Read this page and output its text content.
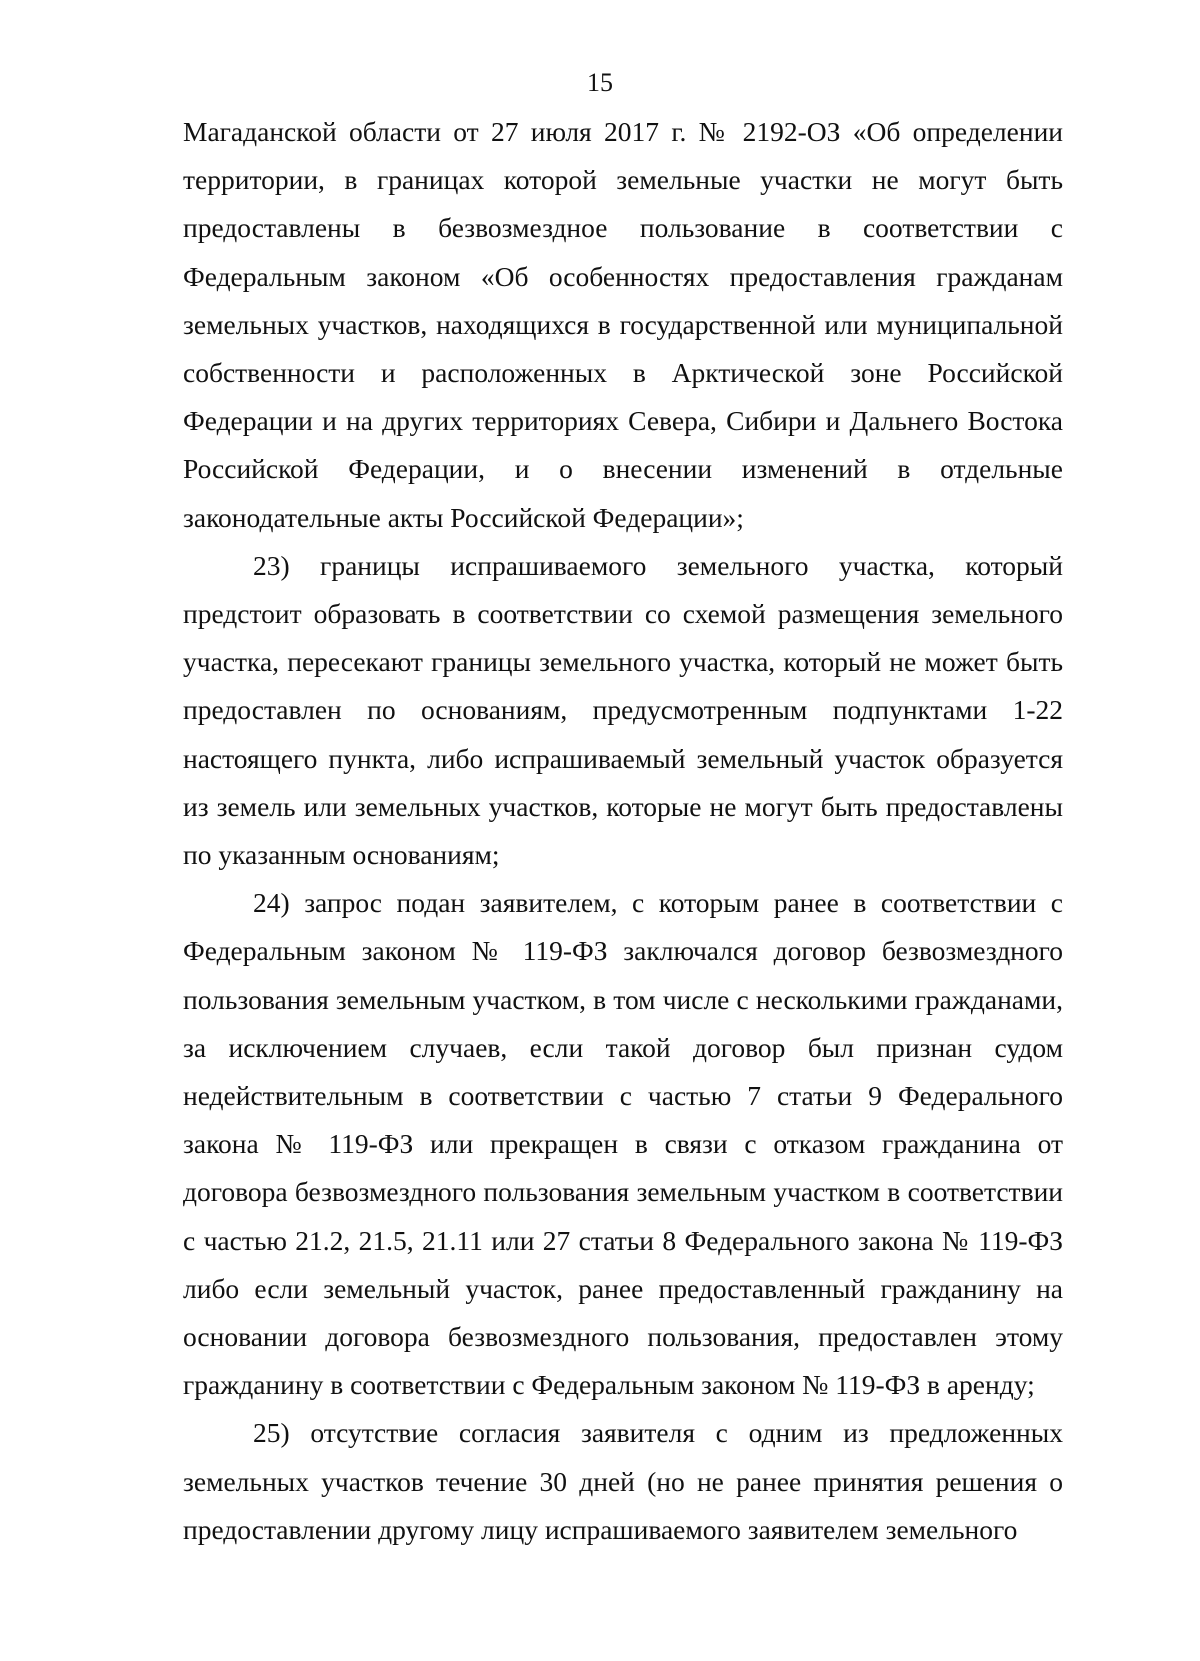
15

Магаданской области от 27 июля 2017 г. № 2192-ОЗ «Об определении территории, в границах которой земельные участки не могут быть предоставлены в безвозмездное пользование в соответствии с Федеральным законом «Об особенностях предоставления гражданам земельных участков, находящихся в государственной или муниципальной собственности и расположенных в Арктической зоне Российской Федерации и на других территориях Севера, Сибири и Дальнего Востока Российской Федерации, и о внесении изменений в отдельные законодательные акты Российской Федерации»;

23) границы испрашиваемого земельного участка, который предстоит образовать в соответствии со схемой размещения земельного участка, пересекают границы земельного участка, который не может быть предоставлен по основаниям, предусмотренным подпунктами 1-22 настоящего пункта, либо испрашиваемый земельный участок образуется из земель или земельных участков, которые не могут быть предоставлены по указанным основаниям;

24) запрос подан заявителем, с которым ранее в соответствии с Федеральным законом № 119-ФЗ заключался договор безвозмездного пользования земельным участком, в том числе с несколькими гражданами, за исключением случаев, если такой договор был признан судом недействительным в соответствии с частью 7 статьи 9 Федерального закона № 119-ФЗ или прекращен в связи с отказом гражданина от договора безвозмездного пользования земельным участком в соответствии с частью 21.2, 21.5, 21.11 или 27 статьи 8 Федерального закона № 119-ФЗ либо если земельный участок, ранее предоставленный гражданину на основании договора безвозмездного пользования, предоставлен этому гражданину в соответствии с Федеральным законом № 119-ФЗ в аренду;

25) отсутствие согласия заявителя с одним из предложенных земельных участков течение 30 дней (но не ранее принятия решения о предоставлении другому лицу испрашиваемого заявителем земельного
